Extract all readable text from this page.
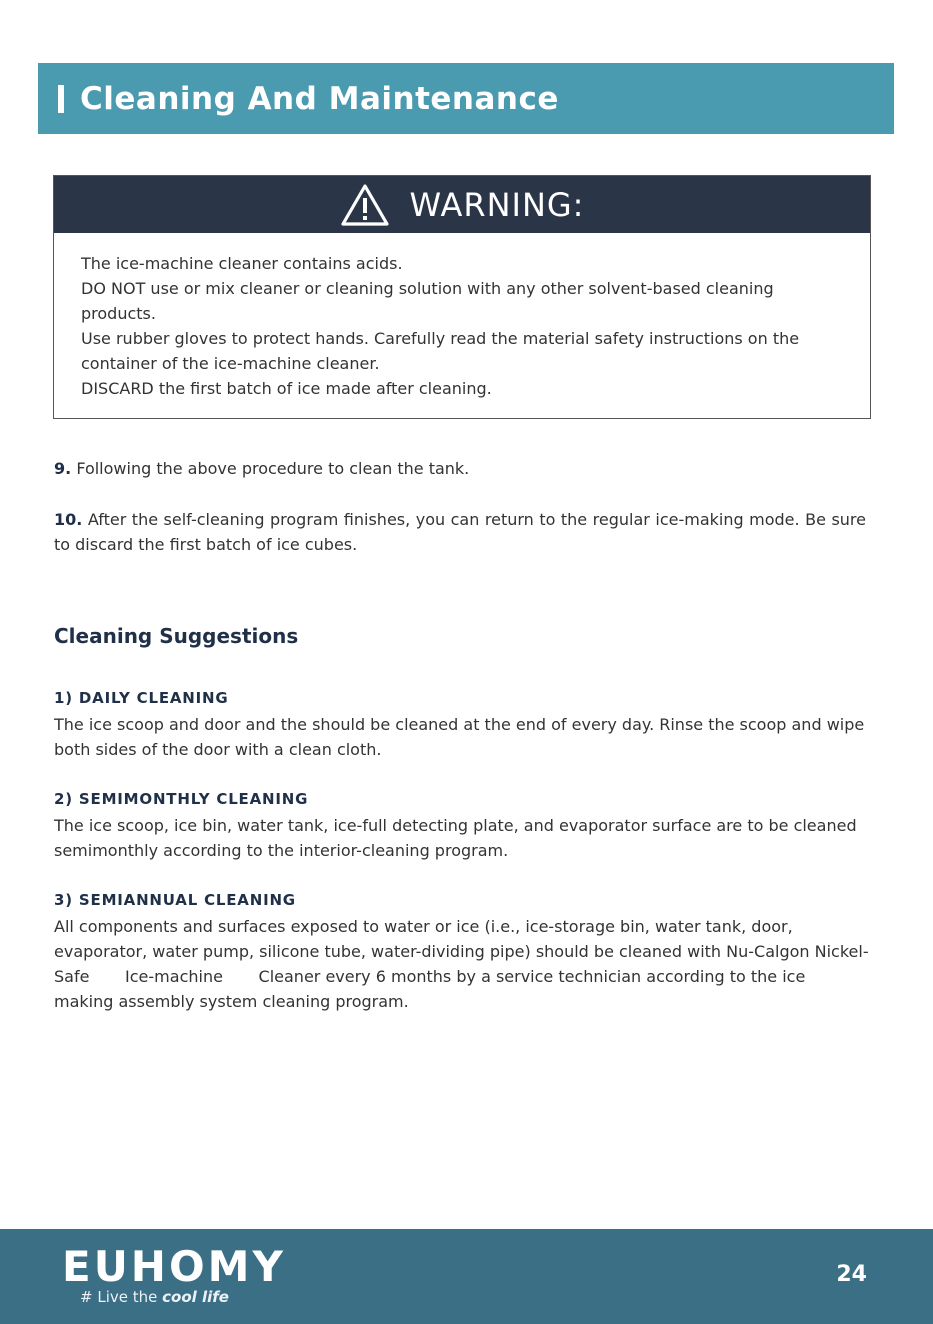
Cleaning And Maintenance
WARNING:
The ice-machine cleaner contains acids.
DO NOT use or mix cleaner or cleaning solution with any other solvent-based cleaning products.
Use rubber gloves to protect hands. Carefully read the material safety instructions on the container of the ice-machine cleaner.
DISCARD the first batch of ice made after cleaning.
9. Following the above procedure to clean the tank.
10. After the self-cleaning program finishes, you can return to the regular ice-making mode. Be sure to discard the first batch of ice cubes.
Cleaning Suggestions
1) DAILY CLEANING
The ice scoop and door and the should be cleaned at the end of every day. Rinse the scoop and wipe both sides of the door with a clean cloth.
2) SEMIMONTHLY CLEANING
The ice scoop, ice bin, water tank, ice-full detecting plate, and evaporator surface are to be cleaned semimonthly according to the interior-cleaning program.
3) SEMIANNUAL CLEANING
All components and surfaces exposed to water or ice (i.e., ice-storage bin, water tank, door, evaporator, water pump, silicone tube, water-dividing pipe) should be cleaned with Nu-Calgon Nickel-Safe       Ice-machine       Cleaner every 6 months by a service technician according to the ice making assembly system cleaning program.
EUHOMY
# Live the cool life
24
